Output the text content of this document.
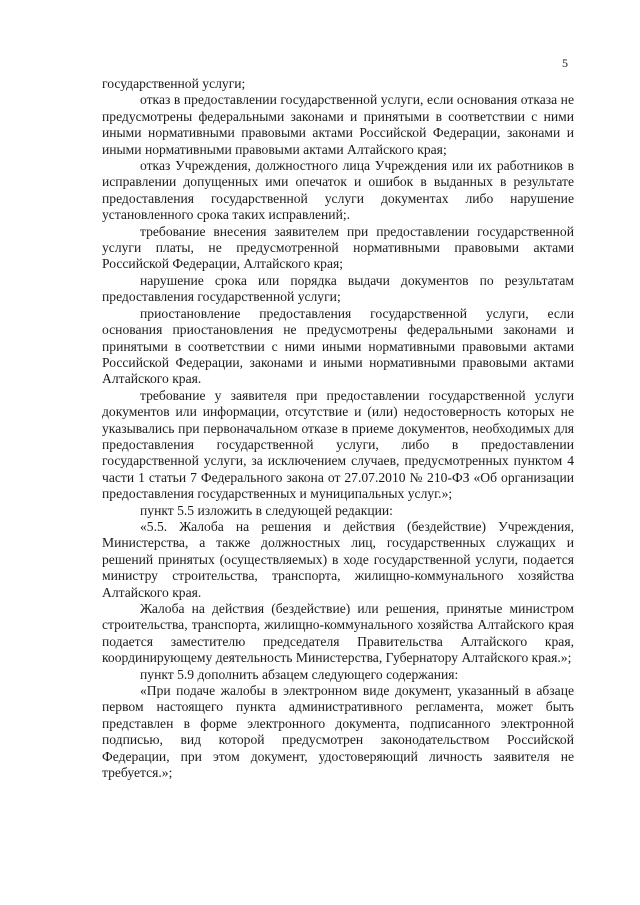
5

государственной услуги;

отказ в предоставлении государственной услуги, если основания отказа не предусмотрены федеральными законами и принятыми в соответствии с ними иными нормативными правовыми актами Российской Федерации, законами и иными нормативными правовыми актами Алтайского края;

отказ Учреждения, должностного лица Учреждения или их работников в исправлении допущенных ими опечаток и ошибок в выданных в результате предоставления государственной услуги документах либо нарушение установленного срока таких исправлений;.

требование внесения заявителем при предоставлении государственной услуги платы, не предусмотренной нормативными правовыми актами Российской Федерации, Алтайского края;

нарушение срока или порядка выдачи документов по результатам предоставления государственной услуги;

приостановление предоставления государственной услуги, если основания приостановления не предусмотрены федеральными законами и принятыми в соответствии с ними иными нормативными правовыми актами Российской Федерации, законами и иными нормативными правовыми актами Алтайского края.

требование у заявителя при предоставлении государственной услуги документов или информации, отсутствие и (или) недостоверность которых не указывались при первоначальном отказе в приеме документов, необходимых для предоставления государственной услуги, либо в предоставлении государственной услуги, за исключением случаев, предусмотренных пунктом 4 части 1 статьи 7 Федерального закона от 27.07.2010 № 210-ФЗ «Об организации предоставления государственных и муниципальных услуг.»;

пункт 5.5 изложить в следующей редакции:

«5.5. Жалоба на решения и действия (бездействие) Учреждения, Министерства, а также должностных лиц, государственных служащих и решений принятых (осуществляемых) в ходе государственной услуги, подается министру строительства, транспорта, жилищно-коммунального хозяйства Алтайского края.

Жалоба на действия (бездействие) или решения, принятые министром строительства, транспорта, жилищно-коммунального хозяйства Алтайского края подается заместителю председателя Правительства Алтайского края, координирующему деятельность Министерства, Губернатору Алтайского края.»;

пункт 5.9 дополнить абзацем следующего содержания:

«При подаче жалобы в электронном виде документ, указанный в абзаце первом настоящего пункта административного регламента, может быть представлен в форме электронного документа, подписанного электронной подписью, вид которой предусмотрен законодательством Российской Федерации, при этом документ, удостоверяющий личность заявителя не требуется.»;
